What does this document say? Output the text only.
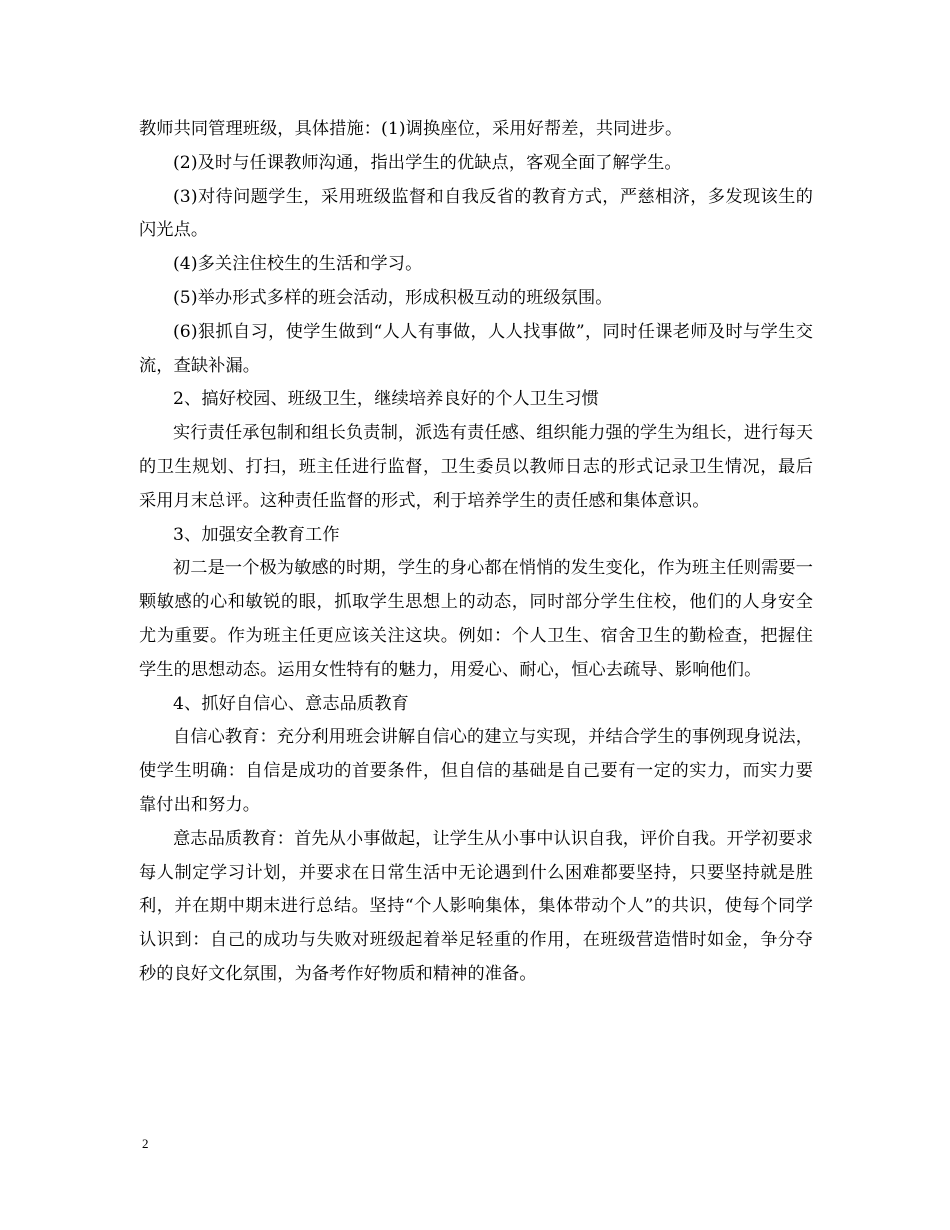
教师共同管理班级，具体措施：(1)调换座位，采用好帮差，共同进步。

(2)及时与任课教师沟通，指出学生的优缺点，客观全面了解学生。

(3)对待问题学生，采用班级监督和自我反省的教育方式，严慈相济，多发现该生的闪光点。

(4)多关注住校生的生活和学习。

(5)举办形式多样的班会活动，形成积极互动的班级氛围。

(6)狠抓自习，使学生做到“人人有事做，人人找事做”，同时任课老师及时与学生交流，查缺补漏。

2、搞好校园、班级卫生，继续培养良好的个人卫生习惯

实行责任承包制和组长负责制，派选有责任感、组织能力强的学生为组长，进行每天的卫生规划、打扫，班主任进行监督，卫生委员以教师日志的形式记录卫生情况，最后采用月末总评。这种责任监督的形式，利于培养学生的责任感和集体意识。

3、加强安全教育工作

初二是一个极为敏感的时期，学生的身心都在悄悄的发生变化，作为班主任则需要一颗敏感的心和敏锐的眼，抓取学生思想上的动态，同时部分学生住校，他们的人身安全尤为重要。作为班主任更应该关注这块。例如：个人卫生、宿舍卫生的勤检查，把握住学生的思想动态。运用女性特有的魅力，用爱心、耐心，恒心去疏导、影响他们。

4、抓好自信心、意志品质教育

自信心教育：充分利用班会讲解自信心的建立与实现，并结合学生的事例现身说法，使学生明确：自信是成功的首要条件，但自信的基础是自己要有一定的实力，而实力要靠付出和努力。

意志品质教育：首先从小事做起，让学生从小事中认识自我，评价自我。开学初要求每人制定学习计划，并要求在日常生活中无论遇到什么困难都要坚持，只要坚持就是胜利，并在期中期末进行总结。坚持“个人影响集体，集体带动个人”的共识，使每个同学认识到：自己的成功与失败对班级起着举足轻重的作用，在班级营造惜时如金，争分夺秒的良好文化氛围，为备考作好物质和精神的准备。

2
